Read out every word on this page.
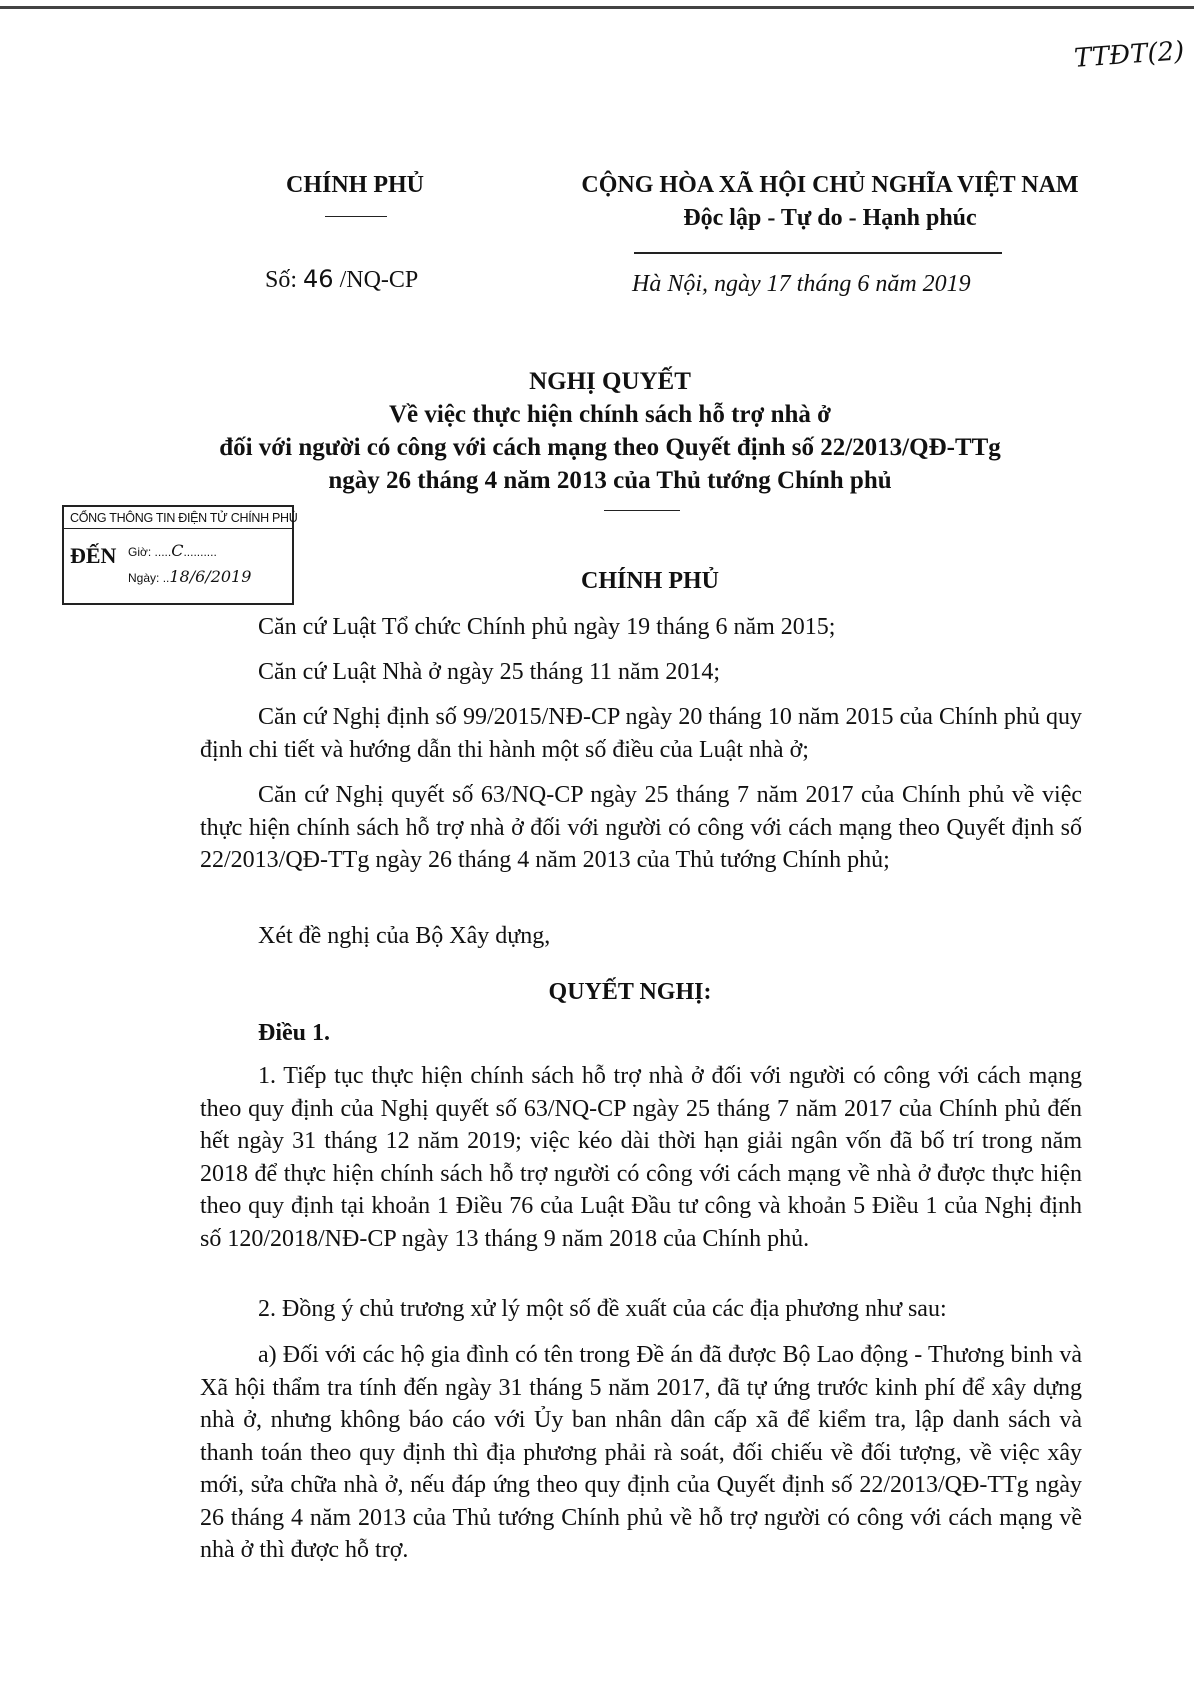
TTĐT(2)
CHÍNH PHỦ	CỘNG HÒA XÃ HỘI CHỦ NGHĨA VIỆT NAM
Độc lập - Tự do - Hạnh phúc
Số: 46 /NQ-CP	Hà Nội, ngày 17 tháng 6 năm 2019
NGHỊ QUYẾT
Về việc thực hiện chính sách hỗ trợ nhà ở
đối với người có công với cách mạng theo Quyết định số 22/2013/QĐ-TTg
ngày 26 tháng 4 năm 2013 của Thủ tướng Chính phủ
CỔNG THÔNG TIN ĐIỆN TỬ CHÍNH PHỦ
ĐẾN Giờ: .....C..........
Ngày: ..18/6/2019	CHÍNH PHỦ
Căn cứ Luật Tổ chức Chính phủ ngày 19 tháng 6 năm 2015;
Căn cứ Luật Nhà ở ngày 25 tháng 11 năm 2014;
Căn cứ Nghị định số 99/2015/NĐ-CP ngày 20 tháng 10 năm 2015 của Chính phủ quy định chi tiết và hướng dẫn thi hành một số điều của Luật nhà ở;
Căn cứ Nghị quyết số 63/NQ-CP ngày 25 tháng 7 năm 2017 của Chính phủ về việc thực hiện chính sách hỗ trợ nhà ở đối với người có công với cách mạng theo Quyết định số 22/2013/QĐ-TTg ngày 26 tháng 4 năm 2013 của Thủ tướng Chính phủ;
Xét đề nghị của Bộ Xây dựng,
QUYẾT NGHỊ:
Điều 1.
1. Tiếp tục thực hiện chính sách hỗ trợ nhà ở đối với người có công với cách mạng theo quy định của Nghị quyết số 63/NQ-CP ngày 25 tháng 7 năm 2017 của Chính phủ đến hết ngày 31 tháng 12 năm 2019; việc kéo dài thời hạn giải ngân vốn đã bố trí trong năm 2018 để thực hiện chính sách hỗ trợ người có công với cách mạng về nhà ở được thực hiện theo quy định tại khoản 1 Điều 76 của Luật Đầu tư công và khoản 5 Điều 1 của Nghị định số 120/2018/NĐ-CP ngày 13 tháng 9 năm 2018 của Chính phủ.
2. Đồng ý chủ trương xử lý một số đề xuất của các địa phương như sau:
a) Đối với các hộ gia đình có tên trong Đề án đã được Bộ Lao động - Thương binh và Xã hội thẩm tra tính đến ngày 31 tháng 5 năm 2017, đã tự ứng trước kinh phí để xây dựng nhà ở, nhưng không báo cáo với Ủy ban nhân dân cấp xã để kiểm tra, lập danh sách và thanh toán theo quy định thì địa phương phải rà soát, đối chiếu về đối tượng, về việc xây mới, sửa chữa nhà ở, nếu đáp ứng theo quy định của Quyết định số 22/2013/QĐ-TTg ngày 26 tháng 4 năm 2013 của Thủ tướng Chính phủ về hỗ trợ người có công với cách mạng về nhà ở thì được hỗ trợ.
